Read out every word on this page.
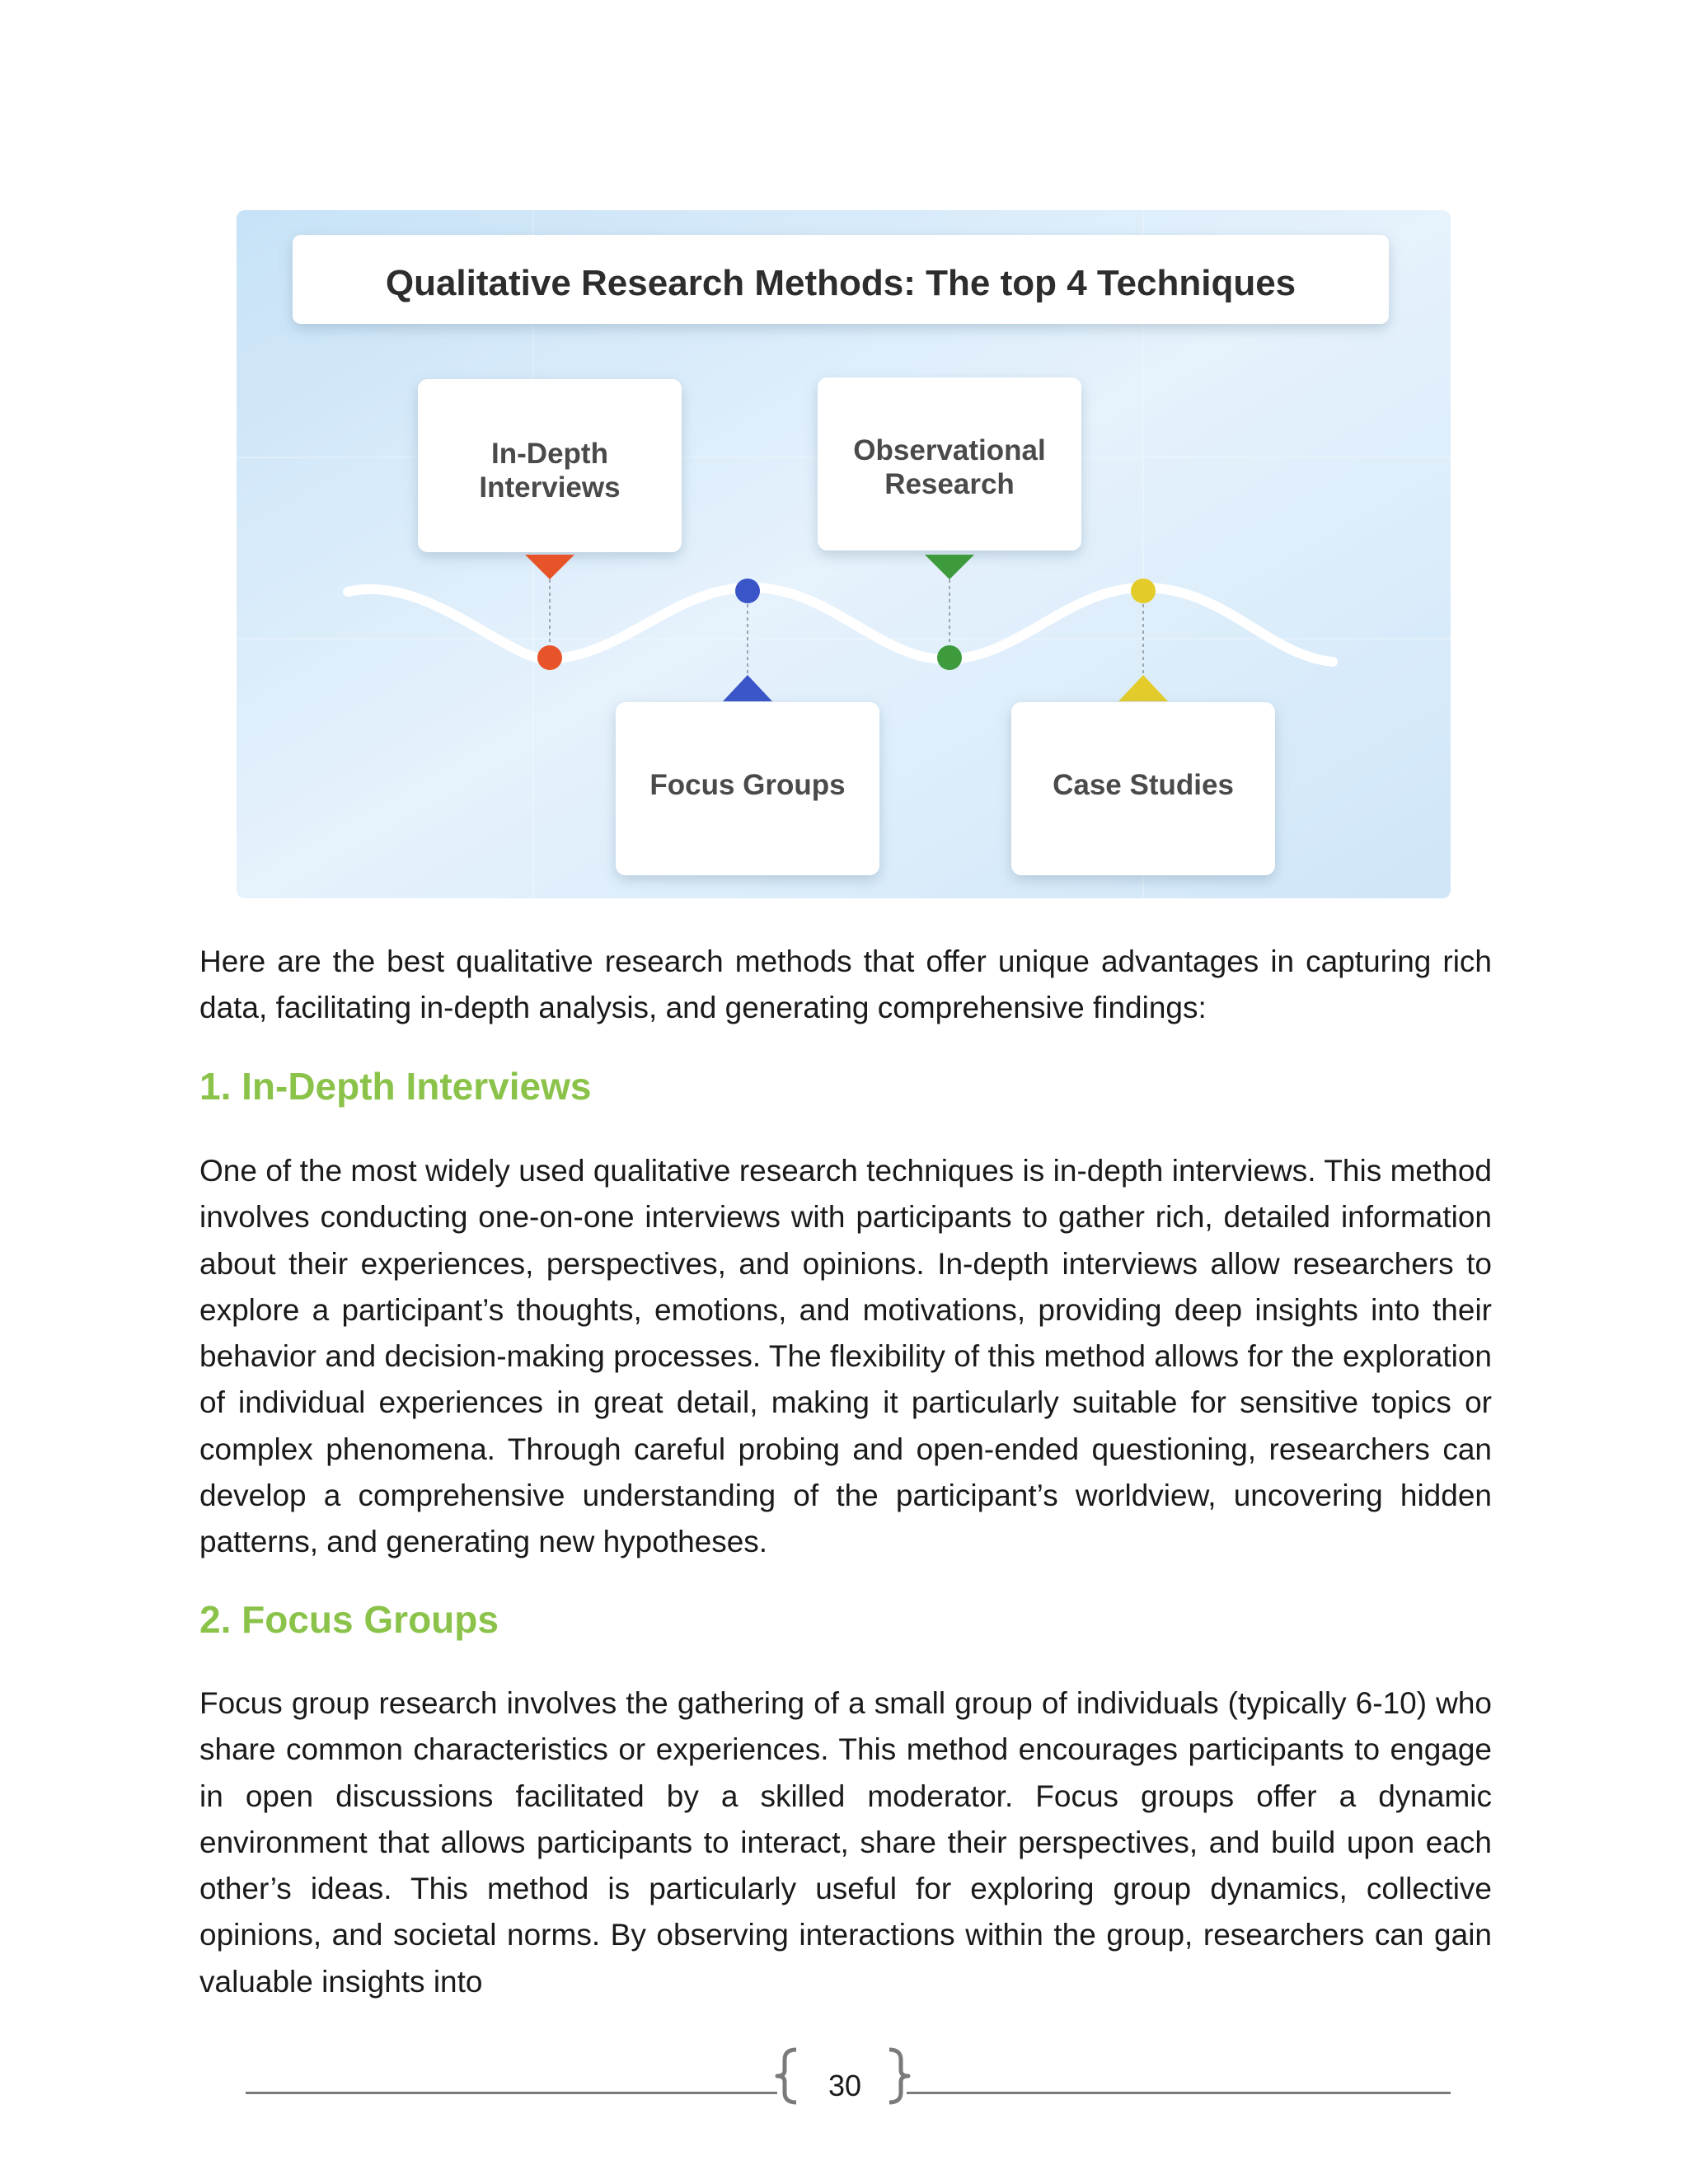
Qualitative Research Methods: The top 4 Techniques
In-Depth
Interviews
Observational
Research
Focus Groups	Case Studies

Here are the best qualitative research methods that offer unique advantages in capturing rich data, facilitating in-depth analysis, and generating comprehensive findings:

1. In-Depth Interviews

One of the most widely used qualitative research techniques is in-depth interviews. This method involves conducting one-on-one interviews with participants to gather rich, detailed information about their experiences, perspectives, and opinions. In-depth interviews allow researchers to explore a participant’s thoughts, emotions, and motivations, providing deep insights into their behavior and decision-making processes. The flexibility of this method allows for the exploration of individual experiences in great detail, making it particularly suitable for sensitive topics or complex phenomena. Through careful probing and open-ended questioning, researchers can develop a comprehensive understanding of the participant’s worldview, uncovering hidden patterns, and generating new hypotheses.

2. Focus Groups

Focus group research involves the gathering of a small group of individuals (typically 6-10) who share common characteristics or experiences. This method encourages participants to engage in open discussions facilitated by a skilled moderator. Focus groups offer a dynamic environment that allows participants to interact, share their perspectives, and build upon each other’s ideas. This method is particularly useful for exploring group dynamics, collective opinions, and societal norms. By observing interactions within the group, researchers can gain valuable insights into

30
